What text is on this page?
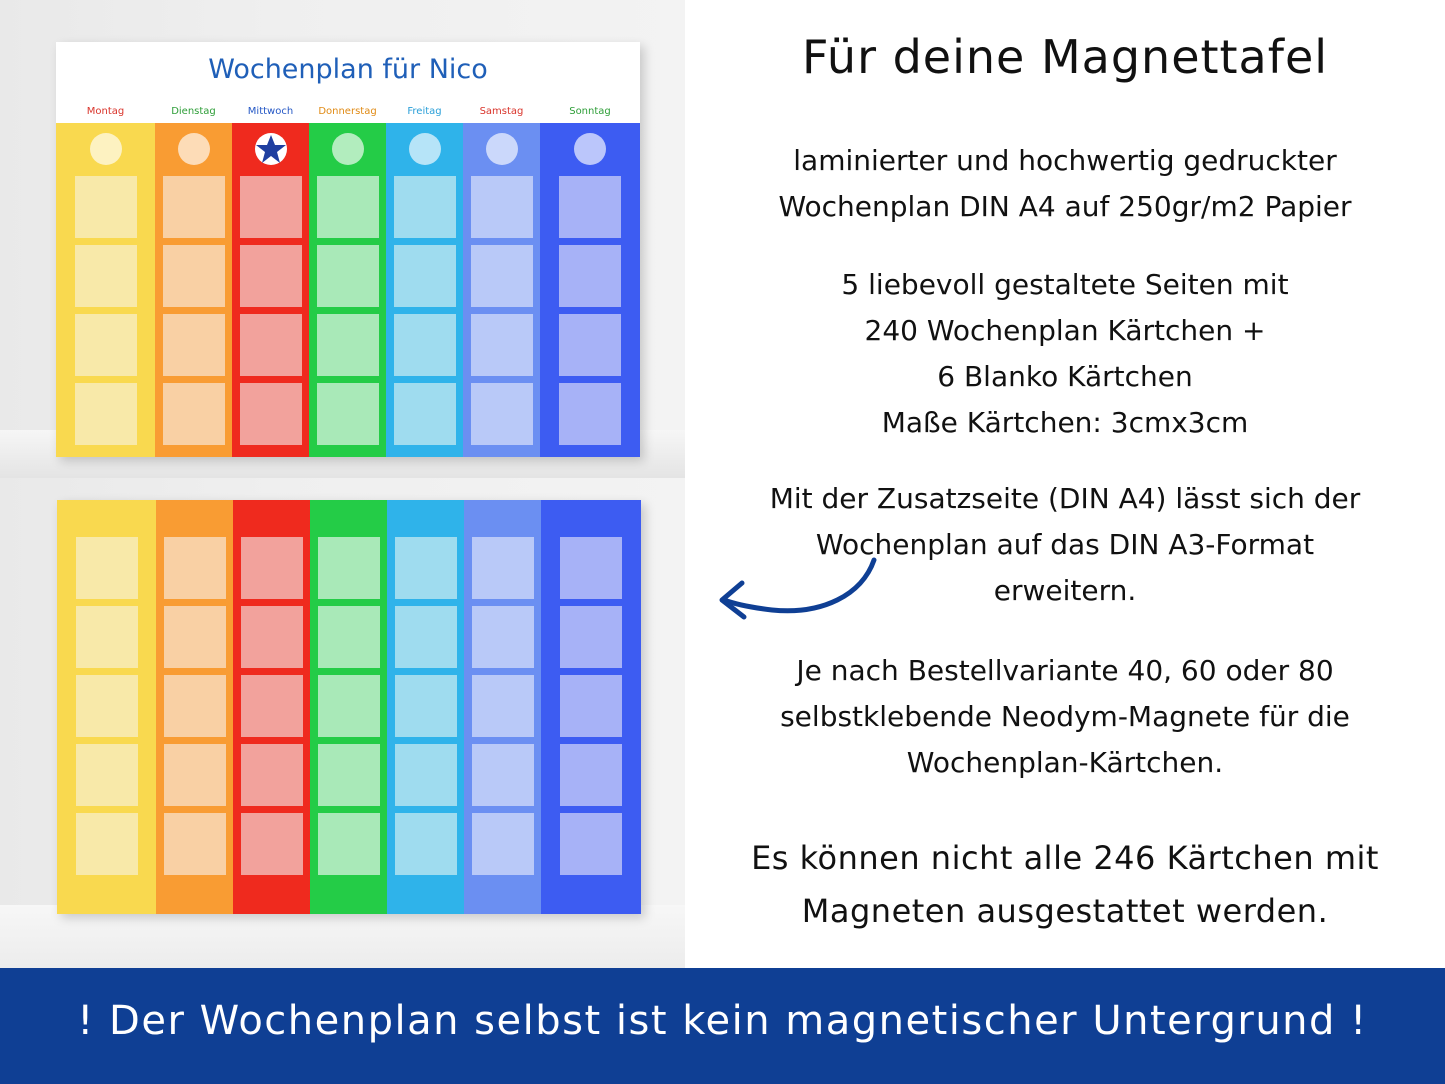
Wochenplan für Nico
Montag	Dienstag	Mittwoch	Donnerstag	Freitag	Samstag	Sonntag
Für deine Magnettafel
laminierter und hochwertig gedruckter
Wochenplan DIN A4 auf 250gr/m2 Papier
5 liebevoll gestaltete Seiten mit
240 Wochenplan Kärtchen +
6 Blanko Kärtchen
Maße Kärtchen: 3cmx3cm
Mit der Zusatzseite (DIN A4) lässt sich der
Wochenplan auf das DIN A3-Format
erweitern.
Je nach Bestellvariante 40, 60 oder 80
selbstklebende Neodym-Magnete für die
Wochenplan-Kärtchen.
Es können nicht alle 246 Kärtchen mit
Magneten ausgestattet werden.
! Der Wochenplan selbst ist kein magnetischer Untergrund !
